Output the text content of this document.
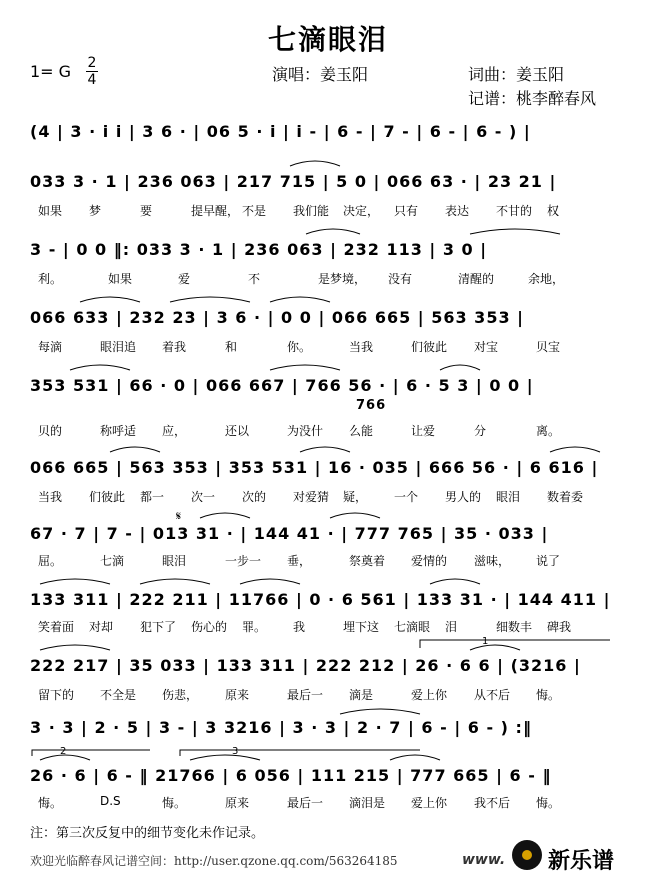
七滴眼泪
1= G 2
4	演唱：姜玉阳	词曲：姜玉阳
记谱：桃李醉春风
(4 | 3 · i i | 3 6 · | 06 5 · i | i - | 6 - | 7 - | 6 - | 6 - ) |
033 3 · 1 | 236 063 | 217 715 | 5 0 | 066 63 · | 23 21 |
如果 梦	要	提早醒， 不是 我们能 决定， 只有 表达 不甘的 权
3 - | 0 0 ‖: 033 3 · 1 | 236 063 | 232 113 | 3 0 |
利。	如果	爱	不	是梦境， 没有	清醒的	余地，
066 633 | 232 23 | 3 6 · | 0 0 | 066 665 | 563 353 |
每滴	眼泪追 着我	和	你。	当我	们彼此 对宝	贝宝
353 531 | 66 · 0 | 066 667 | 766 56 · | 6 · 5 3 | 0 0 |
766
贝的	称呼适 应，	还以	为没什 么能	让爱	分	离。
066 665 | 563 353 | 353 531 | 16 · 035 | 666 56 · | 6 616 |
当我 们彼此 都一 次一 次的 对爱猜 疑， 一个 男人的 眼泪 数着委
67 · 7 | 7 - | 013 31 · | 144 41 · | 777 765 | 35 · 033 |
屈。	七滴	眼泪	一步一 垂，	祭奠着 爱情的 滋味， 说了
133 311 | 222 211 | 11766 | 0 · 6 561 | 133 31 · | 144 411 |
笑着面 对却 犯下了 伤心的 罪。 我	埋下这 七滴眼 泪	细数丰 碑我
222 217 | 35 033 | 133 311 | 222 212 | 26 · 6 6 | (3216 |
留下的 不全是 伤悲， 原来	最后一 滴是	爱上你 从不后 悔。
3 · 3 | 2 · 5 | 3 - | 3 3216 | 3 · 3 | 2 · 7 | 6 - | 6 - ) :‖
26 · 6 | 6 - ‖ 21766 | 6 056 | 111 215 | 777 665 | 6 - ‖
悔。	D.S	悔。	原来	最后一 滴泪是 爱上你 我不后 悔。
1
2	3
𝄋
注：第三次反复中的细节变化未作记录。
欢迎光临醉春风记谱空间：http://user.qzone.qq.com/563264185	www. 新乐谱
